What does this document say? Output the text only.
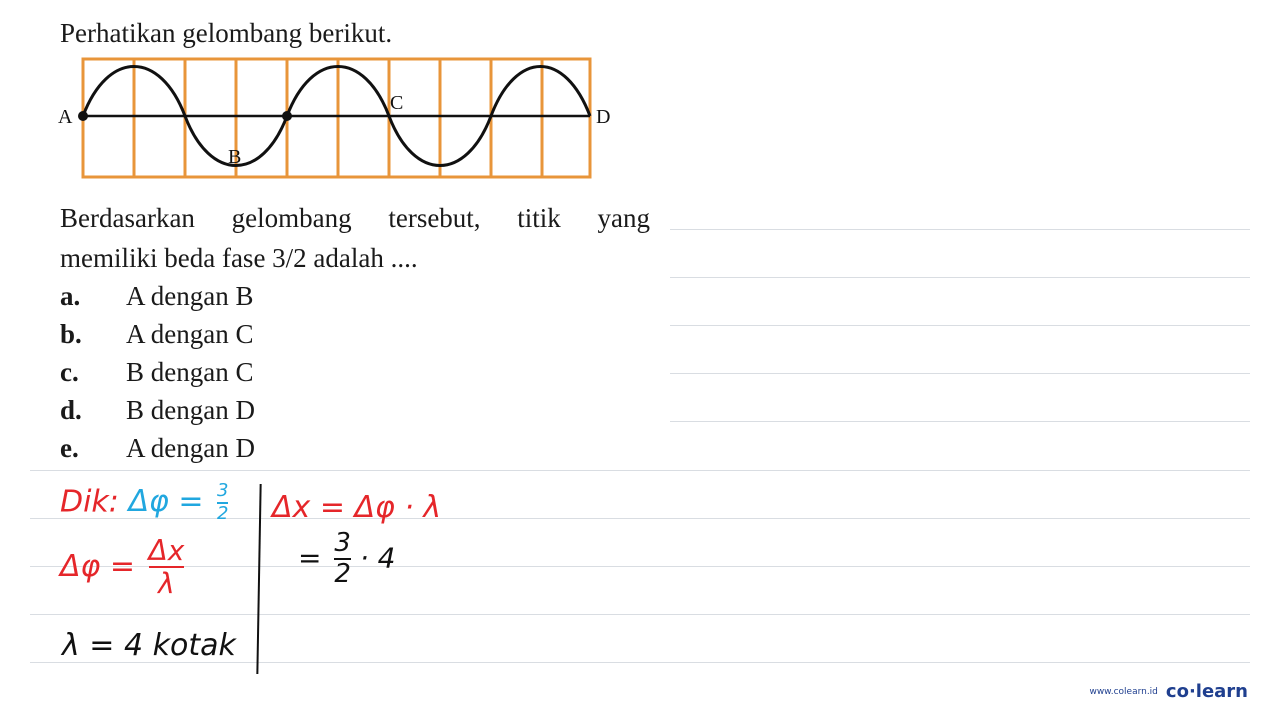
Perhatikan gelombang berikut.
A
B
C
D
Berdasarkan gelombang tersebut, titik yang
memiliki beda fase 3/2 adalah ....
a. A dengan B
b. A dengan C
c. B dengan C
d. B dengan D
e. A dengan D
Dik: $\Delta\varphi = \frac{3}{2}$
$\Delta\varphi = \frac{\Delta x}{\lambda}$
λ = 4 kotak
Δx = Δφ · λ
= $\frac{3}{2} \cdot 4$
www.colearn.id co·learn
